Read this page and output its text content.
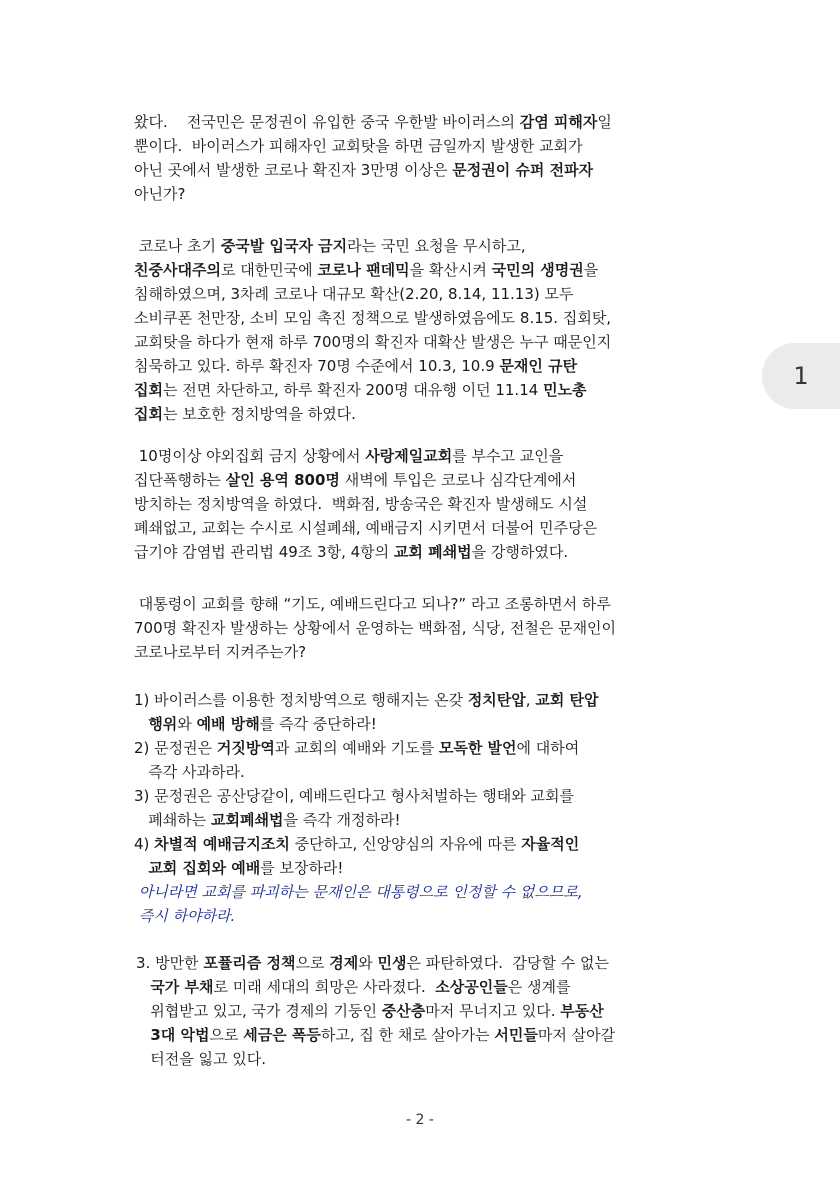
왔다.    전국민은 문정권이 유입한 중국 우한발 바이러스의 감염 피해자일
뿐이다.  바이러스가 피해자인 교회탓을 하면 금일까지 발생한 교회가
아닌 곳에서 발생한 코로나 확진자 3만명 이상은 문정권이 슈퍼 전파자
아닌가?
코로나 초기 중국발 입국자 금지라는 국민 요청을 무시하고,
친중사대주의로 대한민국에 코로나 팬데믹을 확산시켜 국민의 생명권을
침해하였으며, 3차례 코로나 대규모 확산(2.20, 8.14, 11.13) 모두
소비쿠폰 천만장, 소비 모임 촉진 정책으로 발생하였음에도 8.15. 집회탓,
교회탓을 하다가 현재 하루 700명의 확진자 대확산 발생은 누구 때문인지
침묵하고 있다. 하루 확진자 70명 수준에서 10.3, 10.9 문재인 규탄
집회는 전면 차단하고, 하루 확진자 200명 대유행 이던 11.14 민노총
집회는 보호한 정치방역을 하였다.
10명이상 야외집회 금지 상황에서 사랑제일교회를 부수고 교인을
집단폭행하는 살인 용역 800명 새벽에 투입은 코로나 심각단계에서
방치하는 정치방역을 하였다.  백화점, 방송국은 확진자 발생해도 시설
폐쇄없고, 교회는 수시로 시설폐쇄, 예배금지 시키면서 더불어 민주당은
급기야 감염법 관리법 49조 3항, 4항의 교회 폐쇄법을 강행하였다.
대통령이 교회를 향해 “기도, 예배드린다고 되나?” 라고 조롱하면서 하루
700명 확진자 발생하는 상황에서 운영하는 백화점, 식당, 전철은 문재인이
코로나로부터 지켜주는가?
1) 바이러스를 이용한 정치방역으로 행해지는 온갖 정치탄압, 교회 탄압
행위와 예배 방해를 즉각 중단하라!
2) 문정권은 거짓방역과 교회의 예배와 기도를 모독한 발언에 대하여
즉각 사과하라.
3) 문정권은 공산당같이, 예배드린다고 형사처벌하는 행태와 교회를
폐쇄하는 교회폐쇄법을 즉각 개정하라!
4) 차별적 예배금지조치 중단하고, 신앙양심의 자유에 따른 자율적인
교회 집회와 예배를 보장하라!
아니라면 교회를 파괴하는 문재인은 대통령으로 인정할 수 없으므로,
즉시 하야하라.
3. 방만한 포퓰리즘 정책으로 경제와 민생은 파탄하였다.  감당할 수 없는
국가 부채로 미래 세대의 희망은 사라졌다.  소상공인들은 생계를
위협받고 있고, 국가 경제의 기둥인 중산층마저 무너지고 있다. 부동산
3대 악법으로 세금은 폭등하고, 집 한 채로 살아가는 서민들마저 살아갈
터전을 잃고 있다.
1
- 2 -
